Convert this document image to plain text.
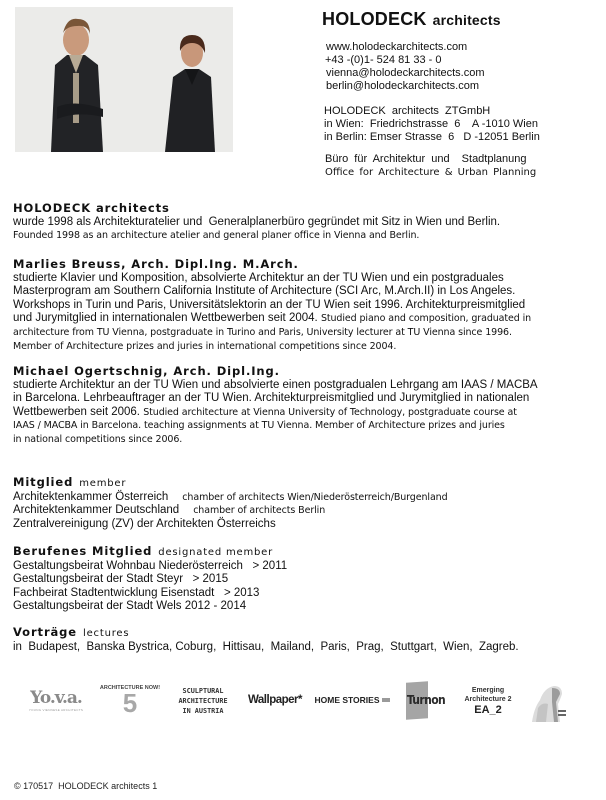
HOLODECK architects
www.holodeckarchitects.com
+43 -(0)1- 524 81 33 - 0
vienna@holodeckarchitects.com
berlin@holodeckarchitects.com
HOLODECK  architects  ZTGmbH
in Wien:  Friedrichstrasse  6    A -1010 Wien
in Berlin: Emser Strasse  6   D -12051 Berlin
Büro für Architektur und  Stadtplanung
Office for Architecture & Urban Planning
HOLODECK architects
wurde 1998 als Architekturatelier und  Generalplanerbüro gegründet mit Sitz in Wien und Berlin.
Founded 1998 as an architecture atelier and general planer office in Vienna and Berlin.
Marlies Breuss, Arch. Dipl.Ing. M.Arch.
studierte Klavier und Komposition, absolvierte Architektur an der TU Wien und ein postgraduales
Masterprogram am Southern California Institute of Architecture (SCI Arc, M.Arch.II) in Los Angeles.
Workshops in Turin und Paris, Universitätslektorin an der TU Wien seit 1996. Architekturpreismitglied
und Jurymitglied in internationalen Wettbewerben seit 2004. Studied piano and composition, graduated in
architecture from TU Vienna, postgraduate in Turino and Paris, University lecturer at TU Vienna since 1996.
Member of Architecture prizes and juries in international competitions since 2004.
Michael Ogertschnig, Arch. Dipl.Ing.
studierte Architektur an der TU Wien und absolvierte einen postgradualen Lehrgang am IAAS / MACBA
in Barcelona. Lehrbeauftrager an der TU Wien. Architekturpreismitglied und Jurymitglied in nationalen
Wettbewerben seit 2006. Studied architecture at Vienna University of Technology, postgraduate course at
IAAS / MACBA in Barcelona. teaching assignments at TU Vienna. Member of Architecture prizes and juries
in national competitions since 2006.
Mitglied member
Architektenkammer Österreich chamber of architects Wien/Niederösterreich/Burgenland
Architektenkammer Deutschland chamber of architects Berlin
Zentralvereinigung (ZV) der Architekten Österreichs
Berufenes Mitglied designated member
Gestaltungsbeirat Wohnbau Niederösterreich   > 2011
Gestaltungsbeirat der Stadt Steyr   > 2015
Fachbeirat Stadtentwicklung Eisenstadt   > 2013
Gestaltungsbeirat der Stadt Wels 2012 - 2014
Vorträge lectures
in  Budapest,  Banska Bystrica, Coburg,  Hittisau,  Mailand,  Paris,  Prag,  Stuttgart,  Wien,  Zagreb.
Yo.v.a.
YOUNG VIENNESE ARCHITECTS
ARCHITECTURE NOW!
5	SCULPTURAL
ARCHITECTURE
IN AUSTRIA
Wallpaper* HOME STORIES Turnon
Emerging
Architecture 2
EA_2
© 170517  HOLODECK architects 1
